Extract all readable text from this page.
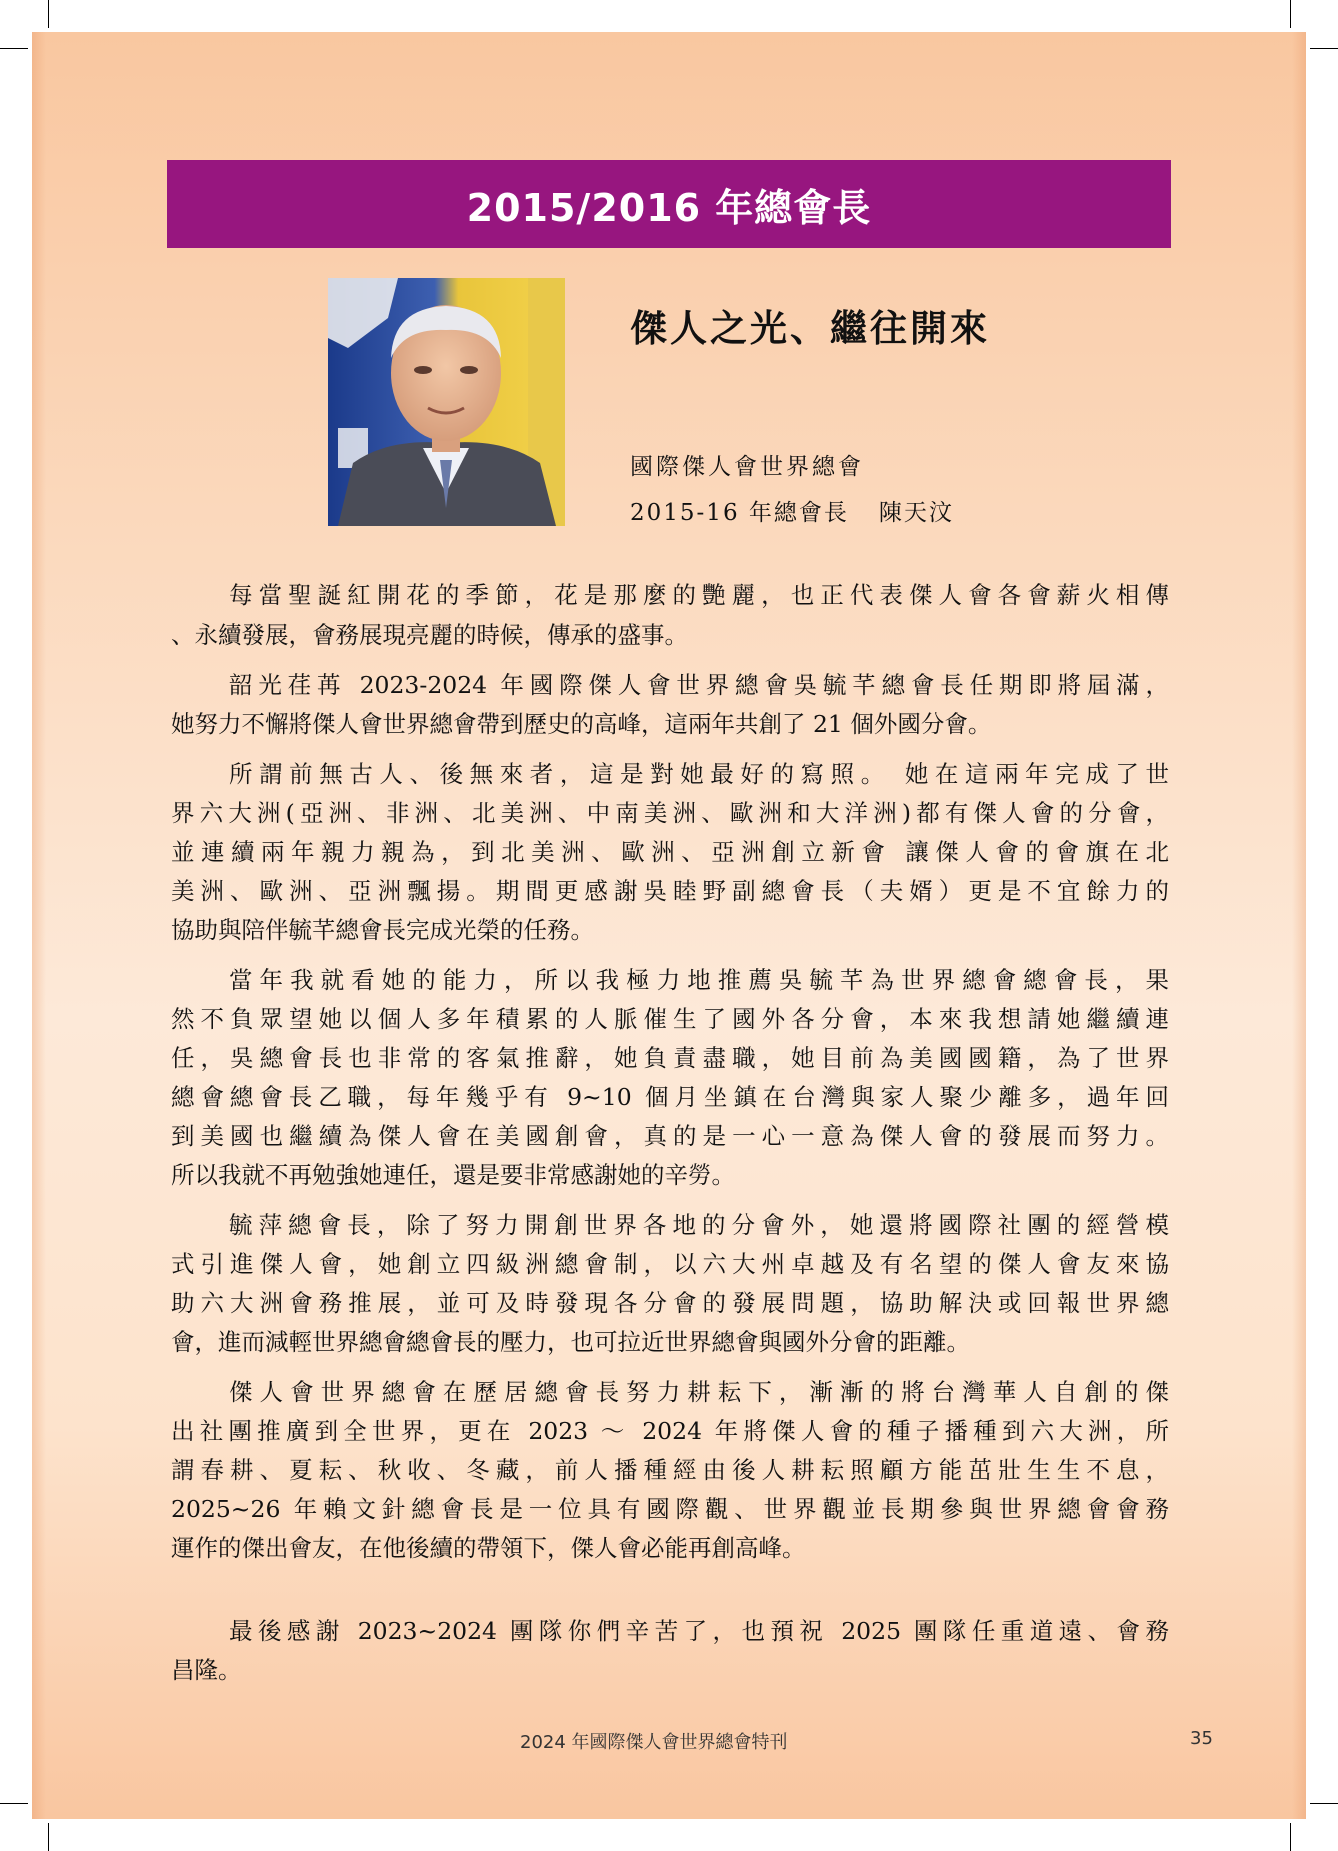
2015/2016 年總會長
傑人之光、繼往開來
國際傑人會世界總會
2015-16 年總會長 陳天汶
每當聖誕紅開花的季節，花是那麼的艷麗，也正代表傑人會各會薪火相傳
、永續發展，會務展現亮麗的時候，傳承的盛事。
韶光荏苒 2023-2024 年國際傑人會世界總會吳毓芊總會長任期即將屆滿，
她努力不懈將傑人會世界總會帶到歷史的高峰，這兩年共創了 21 個外國分會。
所謂前無古人、後無來者，這是對她最好的寫照。 她在這兩年完成了世
界六大洲(亞洲、非洲、北美洲、中南美洲、歐洲和大洋洲)都有傑人會的分會，
並連續兩年親力親為，到北美洲、歐洲、亞洲創立新會 讓傑人會的會旗在北
美洲、歐洲、亞洲飄揚。期間更感謝吳睦野副總會長（夫婿）更是不宜餘力的
協助與陪伴毓芊總會長完成光榮的任務。
當年我就看她的能力，所以我極力地推薦吳毓芊為世界總會總會長，果
然不負眾望她以個人多年積累的人脈催生了國外各分會，本來我想請她繼續連
任，吳總會長也非常的客氣推辭，她負責盡職，她目前為美國國籍，為了世界
總會總會長乙職，每年幾乎有 9~10 個月坐鎮在台灣與家人聚少離多，過年回
到美國也繼續為傑人會在美國創會，真的是一心一意為傑人會的發展而努力。
所以我就不再勉強她連任，還是要非常感謝她的辛勞。
毓萍總會長，除了努力開創世界各地的分會外，她還將國際社團的經營模
式引進傑人會，她創立四級洲總會制，以六大州卓越及有名望的傑人會友來協
助六大洲會務推展，並可及時發現各分會的發展問題，協助解決或回報世界總
會，進而減輕世界總會總會長的壓力，也可拉近世界總會與國外分會的距離。
傑人會世界總會在歷居總會長努力耕耘下，漸漸的將台灣華人自創的傑
出社團推廣到全世界，更在 2023 ～ 2024 年將傑人會的種子播種到六大洲，所
謂春耕、夏耘、秋收、冬藏，前人播種經由後人耕耘照顧方能茁壯生生不息，
2025~26 年賴文針總會長是一位具有國際觀、世界觀並長期參與世界總會會務
運作的傑出會友，在他後續的帶領下，傑人會必能再創高峰。
最後感謝 2023~2024 團隊你們辛苦了，也預祝 2025 團隊任重道遠、會務
昌隆。
2024 年國際傑人會世界總會特刊	35
